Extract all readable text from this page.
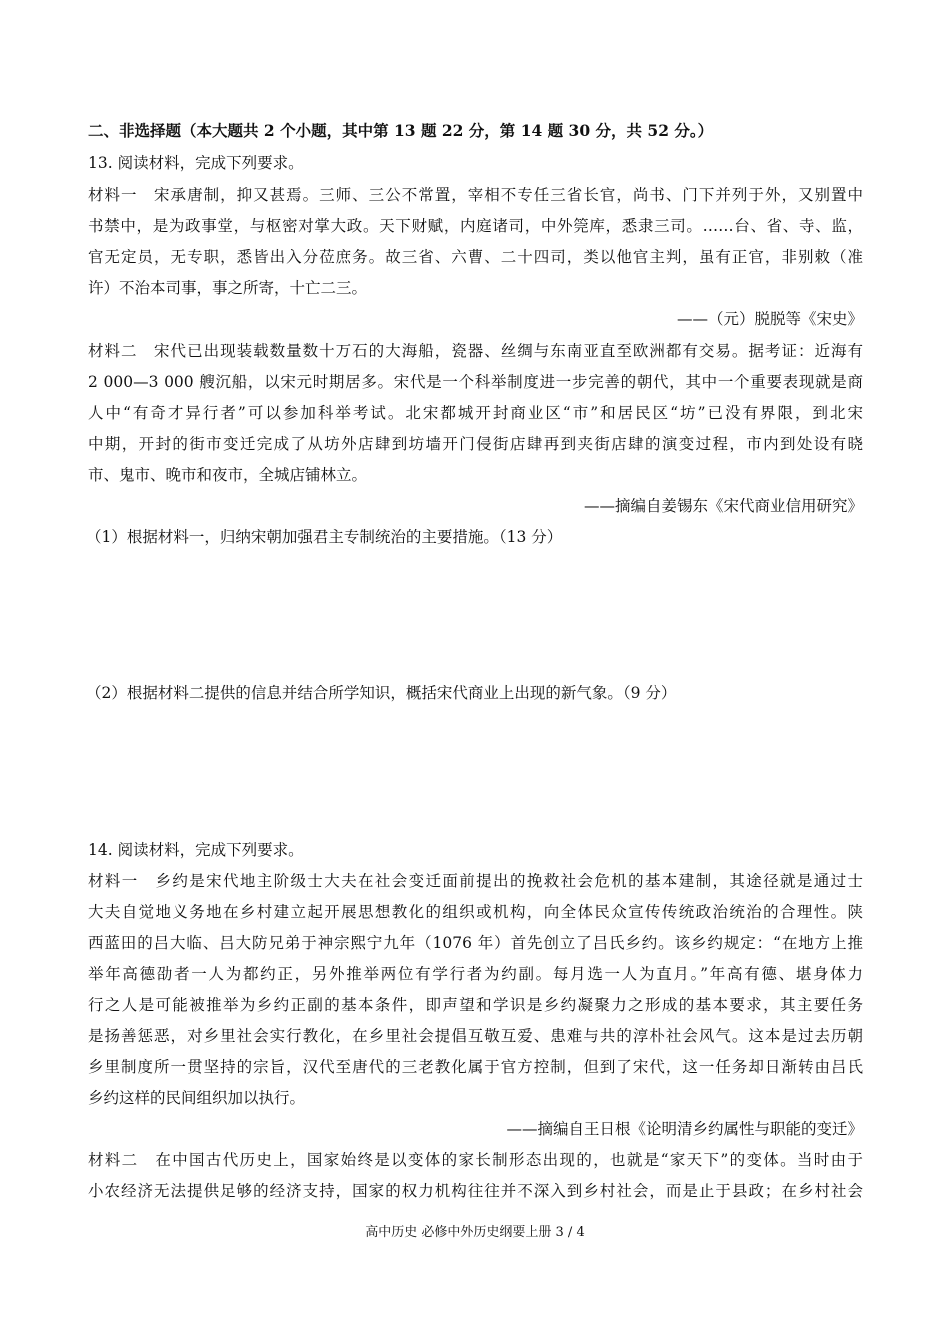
二、非选择题（本大题共 2 个小题，其中第 13 题 22 分，第 14 题 30 分，共 52 分。）
13. 阅读材料，完成下列要求。
材料一　宋承唐制，抑又甚焉。三师、三公不常置，宰相不专任三省长官，尚书、门下并列于外，又别置中
书禁中，是为政事堂，与枢密对掌大政。天下财赋，内庭诸司，中外筦库，悉隶三司。……台、省、寺、监，
官无定员，无专职，悉皆出入分莅庶务。故三省、六曹、二十四司，类以他官主判，虽有正官，非别敕（准
许）不治本司事，事之所寄，十亡二三。
——（元）脱脱等《宋史》
材料二　宋代已出现装载数量数十万石的大海船，瓷器、丝绸与东南亚直至欧洲都有交易。据考证：近海有
2 000—3 000 艘沉船，以宋元时期居多。宋代是一个科举制度进一步完善的朝代，其中一个重要表现就是商
人中“有奇才异行者”可以参加科举考试。北宋都城开封商业区“市”和居民区“坊”已没有界限，到北宋
中期，开封的街市变迁完成了从坊外店肆到坊墙开门侵街店肆再到夹街店肆的演变过程，市内到处设有晓
市、鬼市、晚市和夜市，全城店铺林立。
——摘编自姜锡东《宋代商业信用研究》
（1）根据材料一，归纳宋朝加强君主专制统治的主要措施。（13 分）
（2）根据材料二提供的信息并结合所学知识，概括宋代商业上出现的新气象。（9 分）
14. 阅读材料，完成下列要求。
材料一　乡约是宋代地主阶级士大夫在社会变迁面前提出的挽救社会危机的基本建制，其途径就是通过士
大夫自觉地义务地在乡村建立起开展思想教化的组织或机构，向全体民众宣传传统政治统治的合理性。陕
西蓝田的吕大临、吕大防兄弟于神宗熙宁九年（1076 年）首先创立了吕氏乡约。该乡约规定：“在地方上推
举年高德劭者一人为都约正，另外推举两位有学行者为约副。每月选一人为直月。”年高有德、堪身体力
行之人是可能被推举为乡约正副的基本条件，即声望和学识是乡约凝聚力之形成的基本要求，其主要任务
是扬善惩恶，对乡里社会实行教化，在乡里社会提倡互敬互爱、患难与共的淳朴社会风气。这本是过去历朝
乡里制度所一贯坚持的宗旨，汉代至唐代的三老教化属于官方控制，但到了宋代，这一任务却日渐转由吕氏
乡约这样的民间组织加以执行。
——摘编自王日根《论明清乡约属性与职能的变迁》
材料二　在中国古代历史上，国家始终是以变体的家长制形态出现的，也就是“家天下”的变体。当时由于
小农经济无法提供足够的经济支持，国家的权力机构往往并不深入到乡村社会，而是止于县政；在乡村社会
高中历史 必修中外历史纲要上册 3 / 4
